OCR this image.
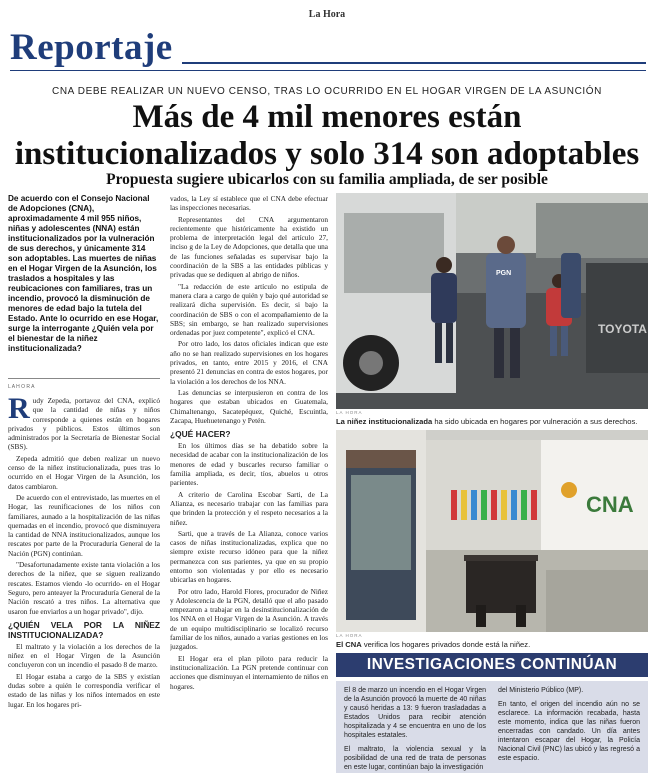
La Hora
Reportaje
CNA DEBE REALIZAR UN NUEVO CENSO, TRAS LO OCURRIDO EN EL HOGAR VIRGEN DE LA ASUNCIÓN
Más de 4 mil menores están
institucionalizados y solo 314 son adoptables
Propuesta sugiere ubicarlos con su familia ampliada, de ser posible
De acuerdo con el Consejo Nacional de Adopciones (CNA), aproximadamente 4 mil 955 niños, niñas y adolescentes (NNA) están institucionalizados por la vulneración de sus derechos, y únicamente 314 son adoptables. Las muertes de niñas en el Hogar Virgen de la Asunción, los traslados a hospitales y las reubicaciones con familiares, tras un incendio, provocó la disminución de menores de edad bajo la tutela del Estado. Ante lo ocurrido en ese Hogar, surge la interrogante ¿Quién vela por el bienestar de la niñez institucionalizada?
L A H O R A

Rudy Zepeda, portavoz del CNA, explicó que la cantidad de niñas y niños corresponde a quienes están en hogares privados y públicos. Estos últimos son administrados por la Secretaría de Bienestar Social (SBS).

Zepeda admitió que deben realizar un nuevo censo de la niñez institucionalizada, pues tras lo ocurrido en el Hogar Virgen de la Asunción, los datos cambiaron.

De acuerdo con el entrevistado, las muertes en el Hogar, las reunificaciones de los niños con familiares, aunado a la hospitalización de las niñas quemadas en el incendio, provocó que disminuyera la cantidad de NNA institucionalizados, aunque los rescates por parte de la Procuraduría General de la Nación (PGN) continúan.

"Desafortunadamente existe tanta violación a los derechos de la niñez, que se siguen realizando rescates. Estamos viendo -lo ocurrido- en el Hogar Seguro, pero anteayer la Procuraduría General de la Nación rescató a tres niños. La alternativa que usaron fue enviarlos a un hogar privado", dijo.

¿QUIÉN VELA POR LA NIÑEZ INSTITUCIONALIZADA?

El maltrato y la violación a los derechos de la niñez en el Hogar Virgen de la Asunción concluyeron con un incendio el pasado 8 de marzo.

El Hogar estaba a cargo de la SBS y existían dudas sobre a quién le correspondía verificar el estado de las niñas y los niños internados en este lugar. En los hogares pri-

vados, la Ley sí establece que el CNA debe efectuar las inspecciones necesarias.

Representantes del CNA argumentaron recientemente que históricamente ha existido un problema de interpretación legal del artículo 27, inciso g de la Ley de Adopciones, que detalla que una de las funciones señaladas es supervisar bajo la coordinación de la SBS a las entidades públicas y privadas que se dediquen al abrigo de niños.

"La redacción de este artículo no estipula de manera clara a cargo de quién y bajo qué autoridad se realizará dicha supervisión. Es decir, si bajo la coordinación de SBS o con el acompañamiento de la SBS; sin embargo, se han realizado supervisiones ordenadas por juez competente", explicó el CNA.

Por otro lado, los datos oficiales indican que este año no se han realizado supervisiones en los hogares privados, en tanto, entre 2015 y 2016, el CNA presentó 21 denuncias en contra de estos hogares, por la violación a los derechos de los NNA.

Las denuncias se interpusieron en contra de los hogares que estaban ubicados en Guatemala, Chimaltenango, Sacatepéquez, Quiché, Escuintla, Zacapa, Huehuetenango y Petén.

¿QUÉ HACER?

En los últimos días se ha debatido sobre la necesidad de acabar con la institucionalización de los menores de edad y buscarles recurso familiar o familia ampliada, es decir, tíos, abuelos u otros parientes.

A criterio de Carolina Escobar Sarti, de La Alianza, es necesario trabajar con las familias para que brinden la protección y el respeto necesarios a la niñez.

Sarti, que a través de La Alianza, conoce varios casos de niñas institucionalizadas, explica que no siempre existe recurso idóneo para que la niñez permanezca con sus parientes, ya que en su propio entorno son violentadas y por ello es necesario ubicarlas en hogares.

Por otro lado, Harold Flores, procurador de Niñez y Adolescencia de la PGN, detalló que el año pasado empezaron a trabajar en la desinstitucionalización de los NNA en el Hogar Virgen de la Asunción. A través de un equipo multidisciplinario se localizó recurso familiar de los niños, aunado a varias gestiones en los juzgados.

El Hogar era el plan piloto para reducir la institucionalización. La PGN pretende continuar con acciones que disminuyan el internamiento de niños en hogares.

TOYOTA
PGN
LA HORA
La niñez institucionalizada ha sido ubicada en hogares por vulneración a sus derechos.
CNA
LA HORA
El CNA verifica los hogares privados donde está la niñez.
INVESTIGACIONES CONTINÚAN

El 8 de marzo un incendio en el Hogar Virgen de la Asunción provocó la muerte de 40 niñas y causó heridas a 13: 9 fueron trasladadas a Estados Unidos para recibir atención hospitalizada y 4 se encuentra en uno de los hospitales estatales.

El maltrato, la violencia sexual y la posibilidad de una red de trata de personas en este lugar, continúan bajo la investigación

del Ministerio Público (MP).

En tanto, el origen del incendio aún no se esclarece. La información recabada, hasta este momento, indica que las niñas fueron encerradas con candado. Un día antes intentaron escapar del Hogar, la Policía Nacional Civil (PNC) las ubicó y las regresó a este espacio.
